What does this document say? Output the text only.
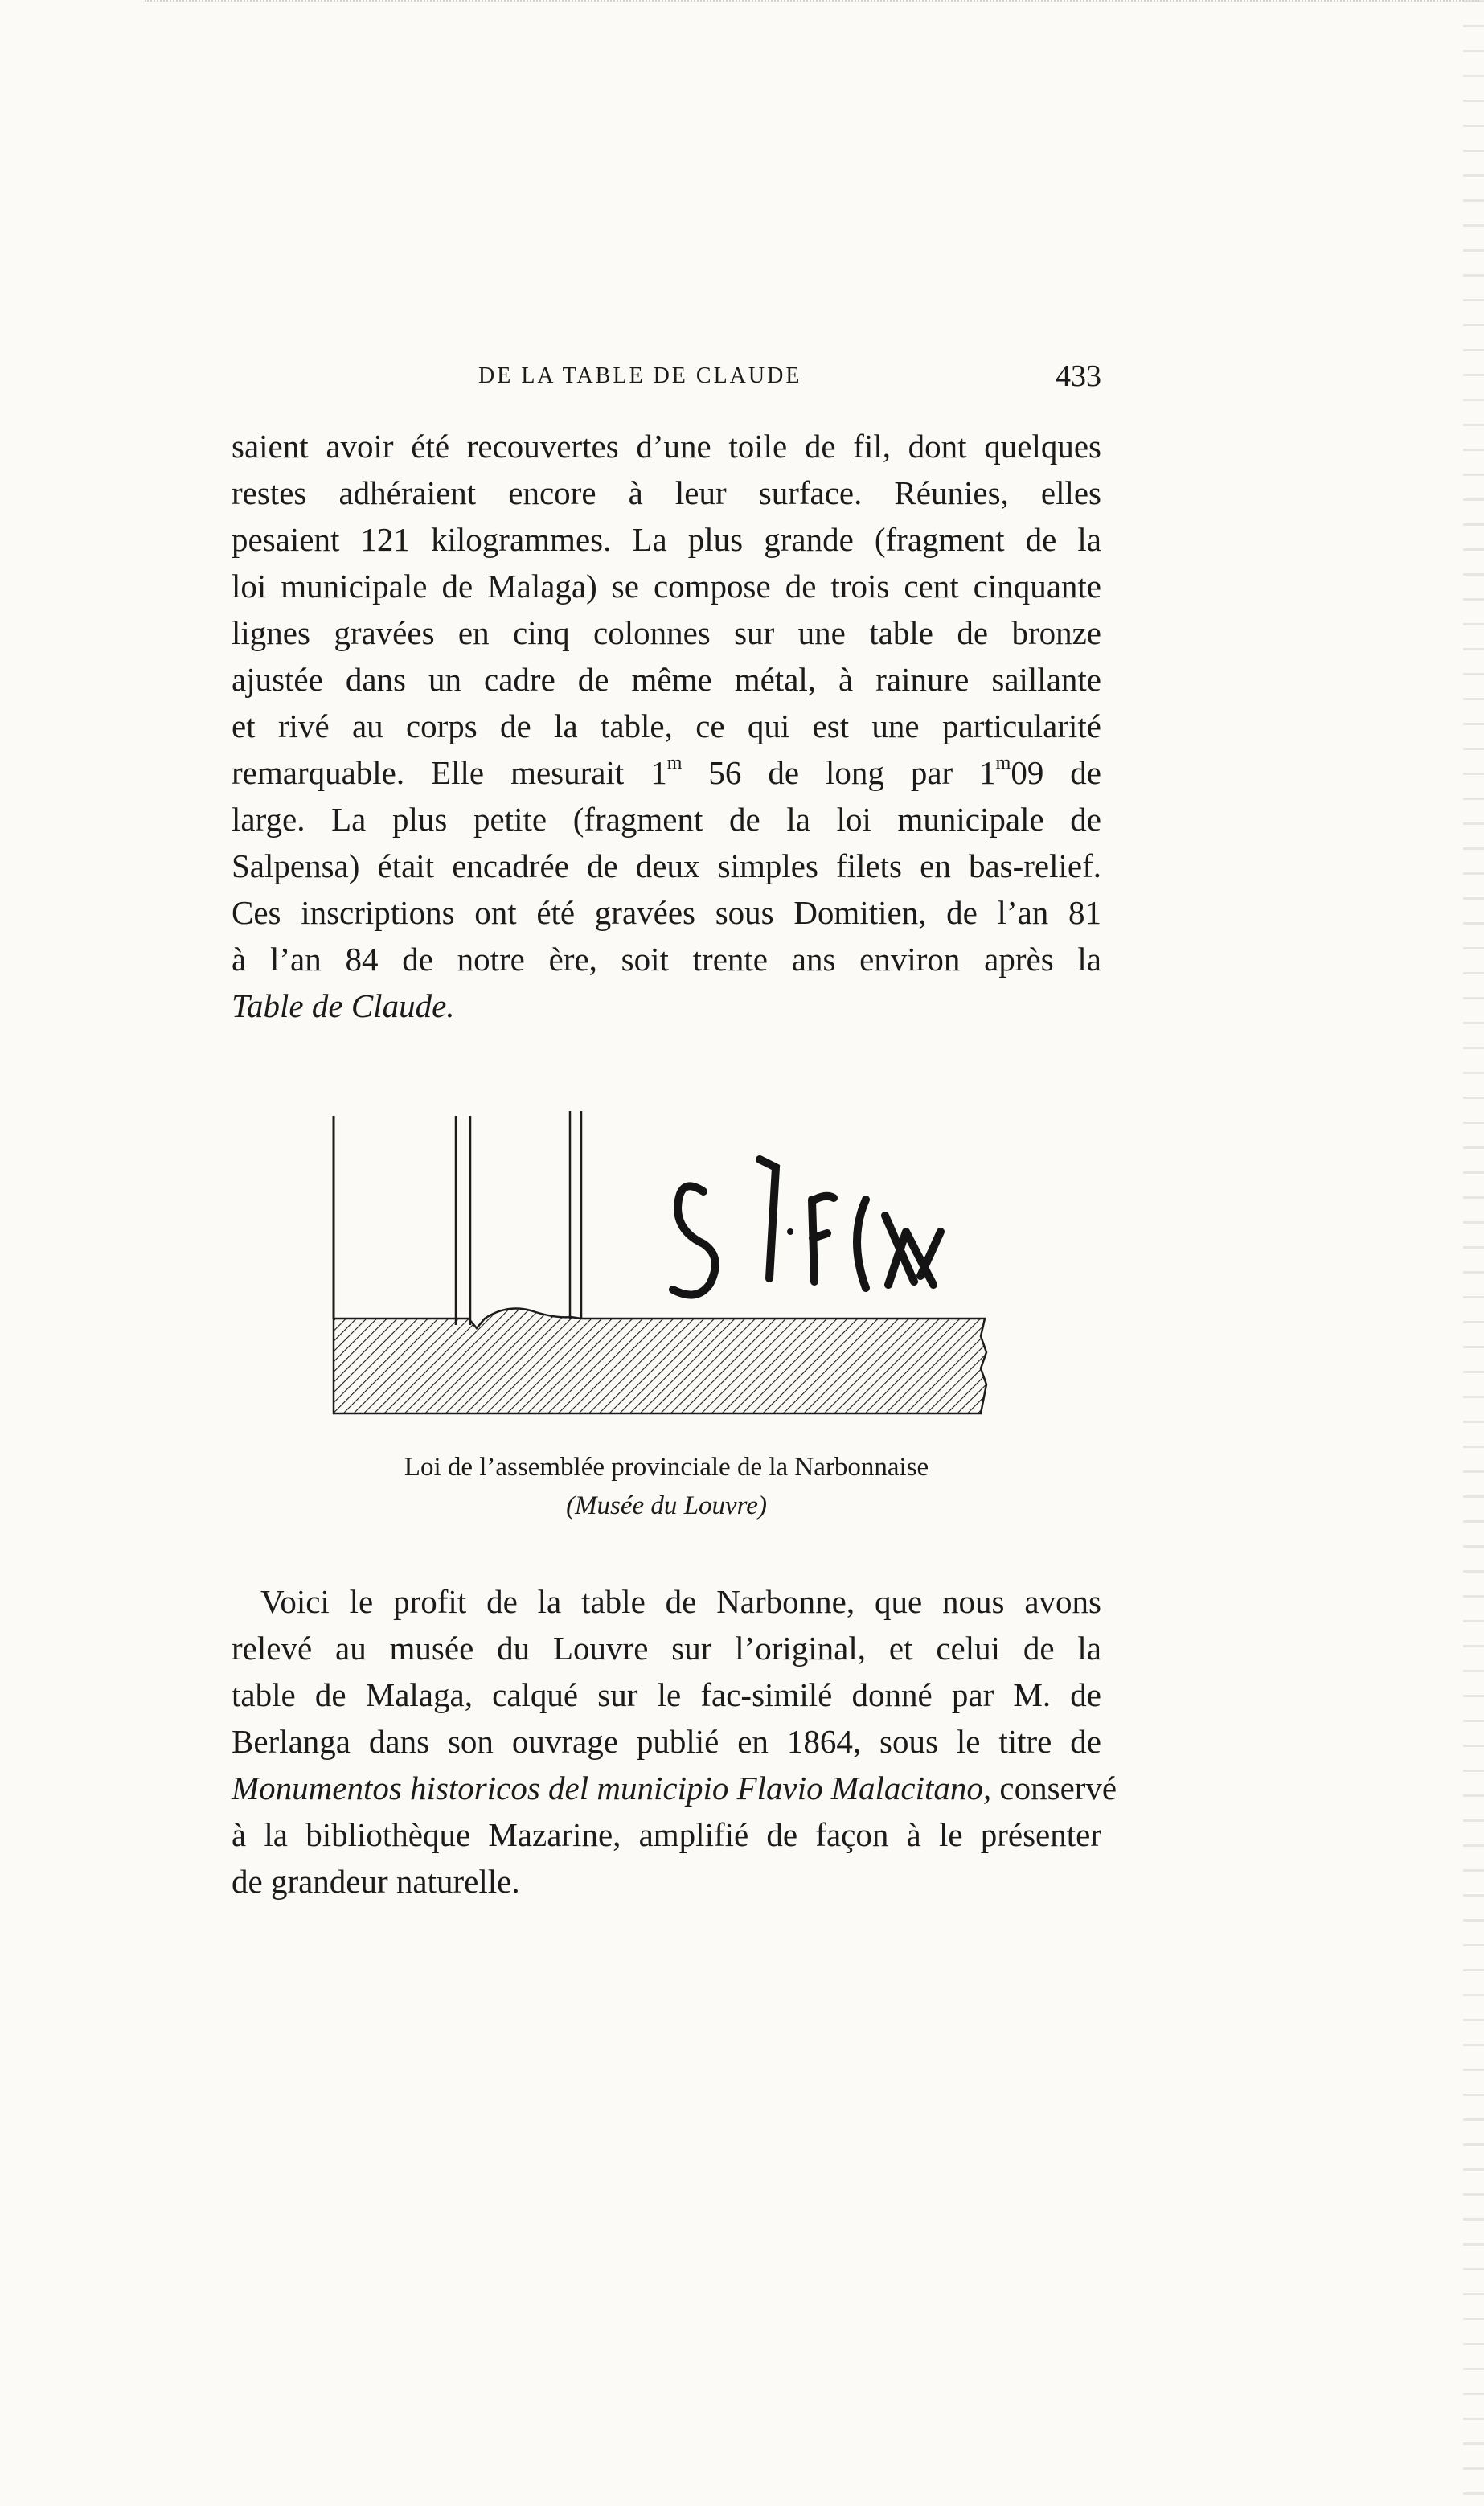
DE LA TABLE DE CLAUDE	433
saient avoir été recouvertes d’une toile de fil, dont quelques
restes adhéraient encore à leur surface. Réunies, elles
pesaient 121 kilogrammes. La plus grande (fragment de la
loi municipale de Malaga) se compose de trois cent cinquante
lignes gravées en cinq colonnes sur une table de bronze
ajustée dans un cadre de même métal, à rainure saillante
et rivé au corps de la table, ce qui est une particularité
remarquable. Elle mesurait 1$^m$ 56 de long par 1$^m$09 de
large. La plus petite (fragment de la loi municipale de
Salpensa) était encadrée de deux simples filets en bas-relief.
Ces inscriptions ont été gravées sous Domitien, de l’an 81
à l’an 84 de notre ère, soit trente ans environ après la
Table de Claude.
Loi de l’assemblée provinciale de la Narbonnaise
(Musée du Louvre)
Voici le profit de la table de Narbonne, que nous avons
relevé au musée du Louvre sur l’original, et celui de la
table de Malaga, calqué sur le fac-similé donné par M. de
Berlanga dans son ouvrage publié en 1864, sous le titre de
Monumentos historicos del municipio Flavio Malacitano, conservé
à la bibliothèque Mazarine, amplifié de façon à le présenter
de grandeur naturelle.
